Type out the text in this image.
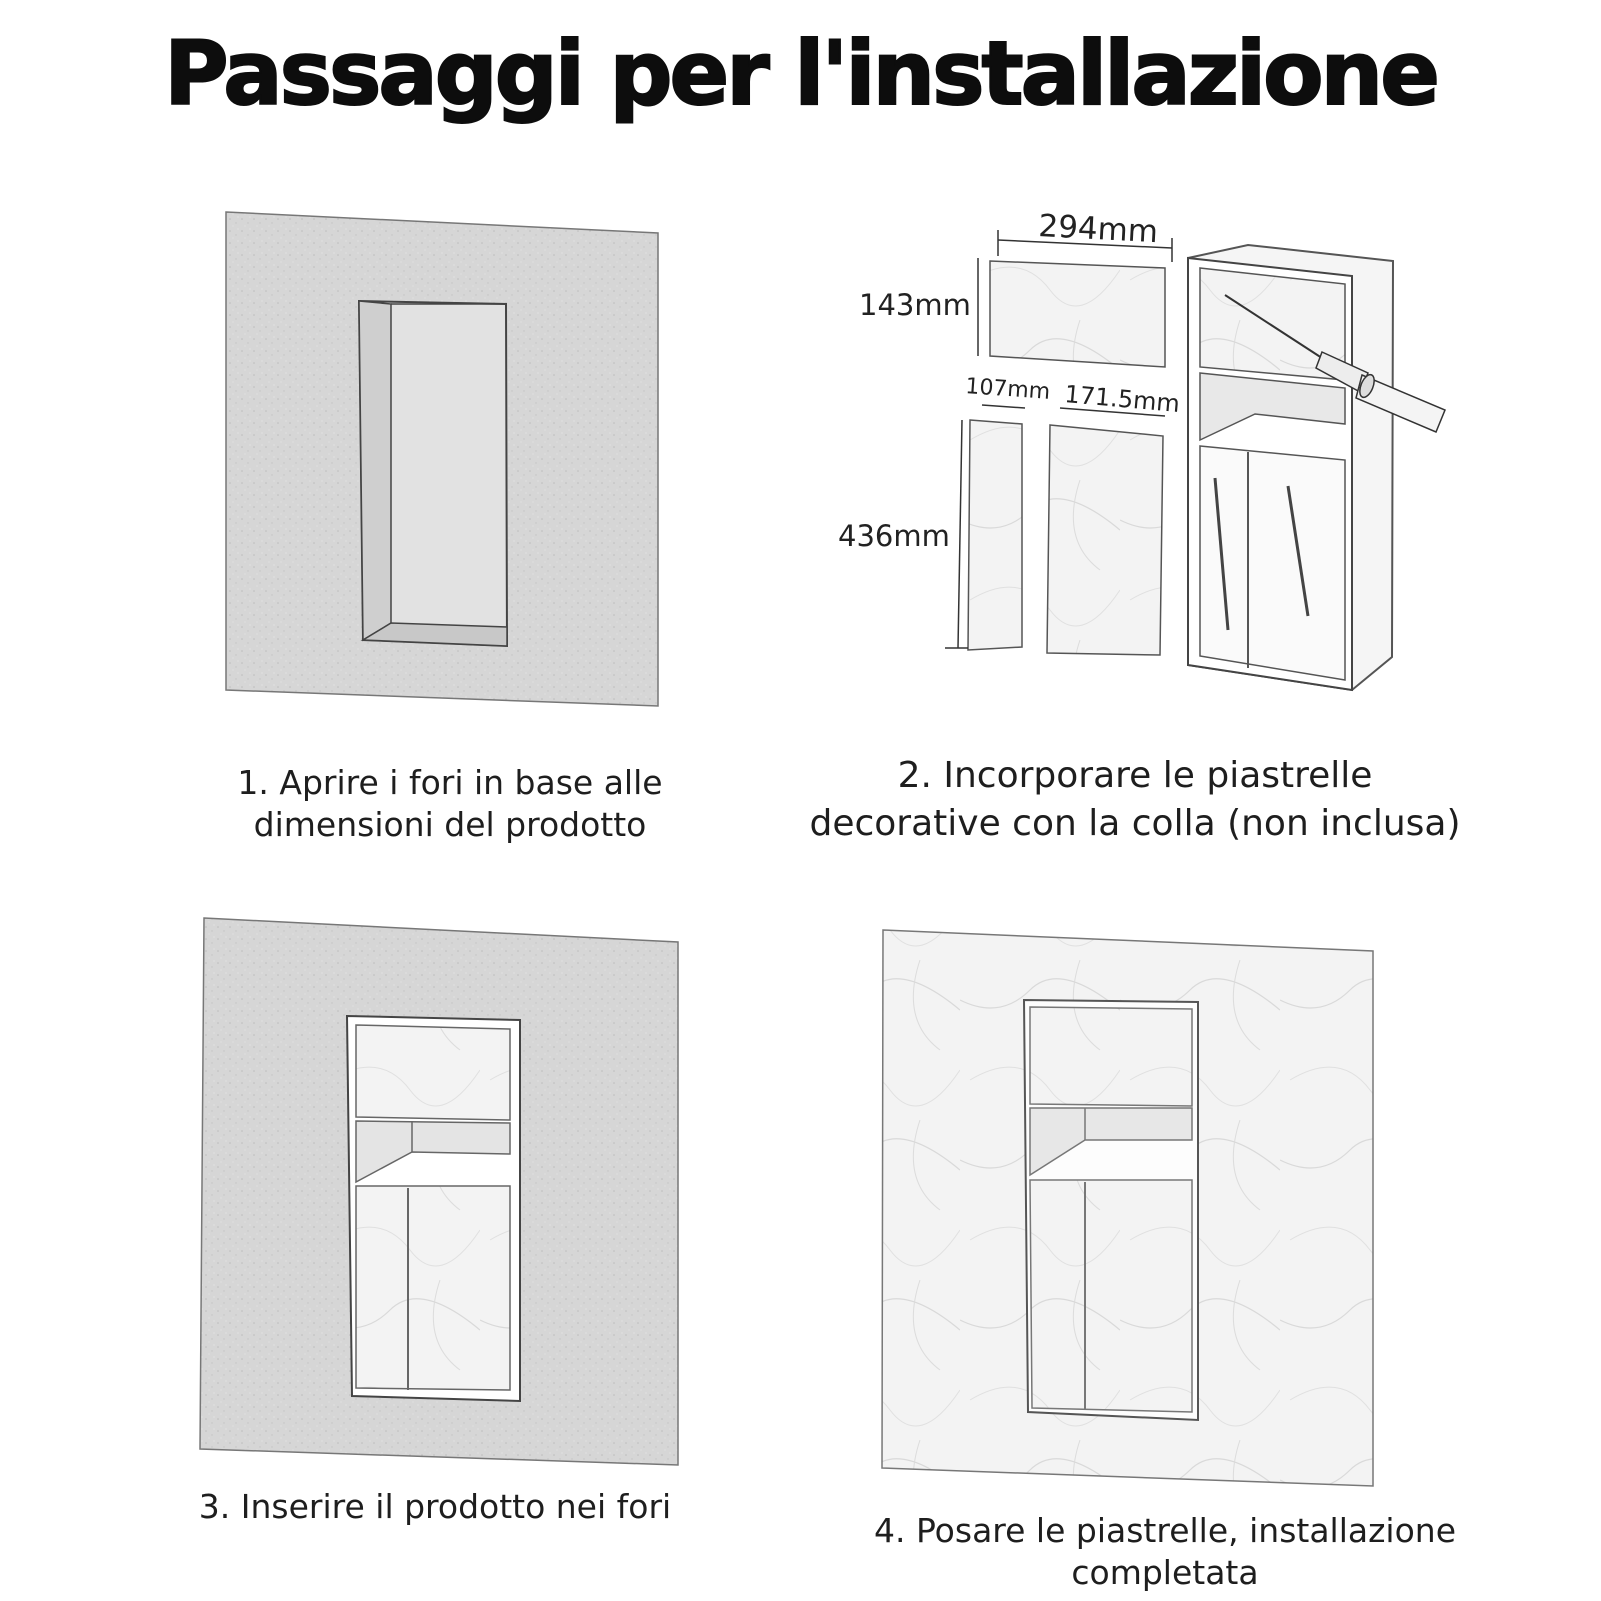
Passaggi per l'installazione
294mm
143mm
107mm 171.5mm
436mm
1. Aprire i fori in base alle
dimensioni del prodotto
2. Incorporare le piastrelle
decorative con la colla (non inclusa)
3. Inserire il prodotto nei fori
4. Posare le piastrelle, installazione
completata
